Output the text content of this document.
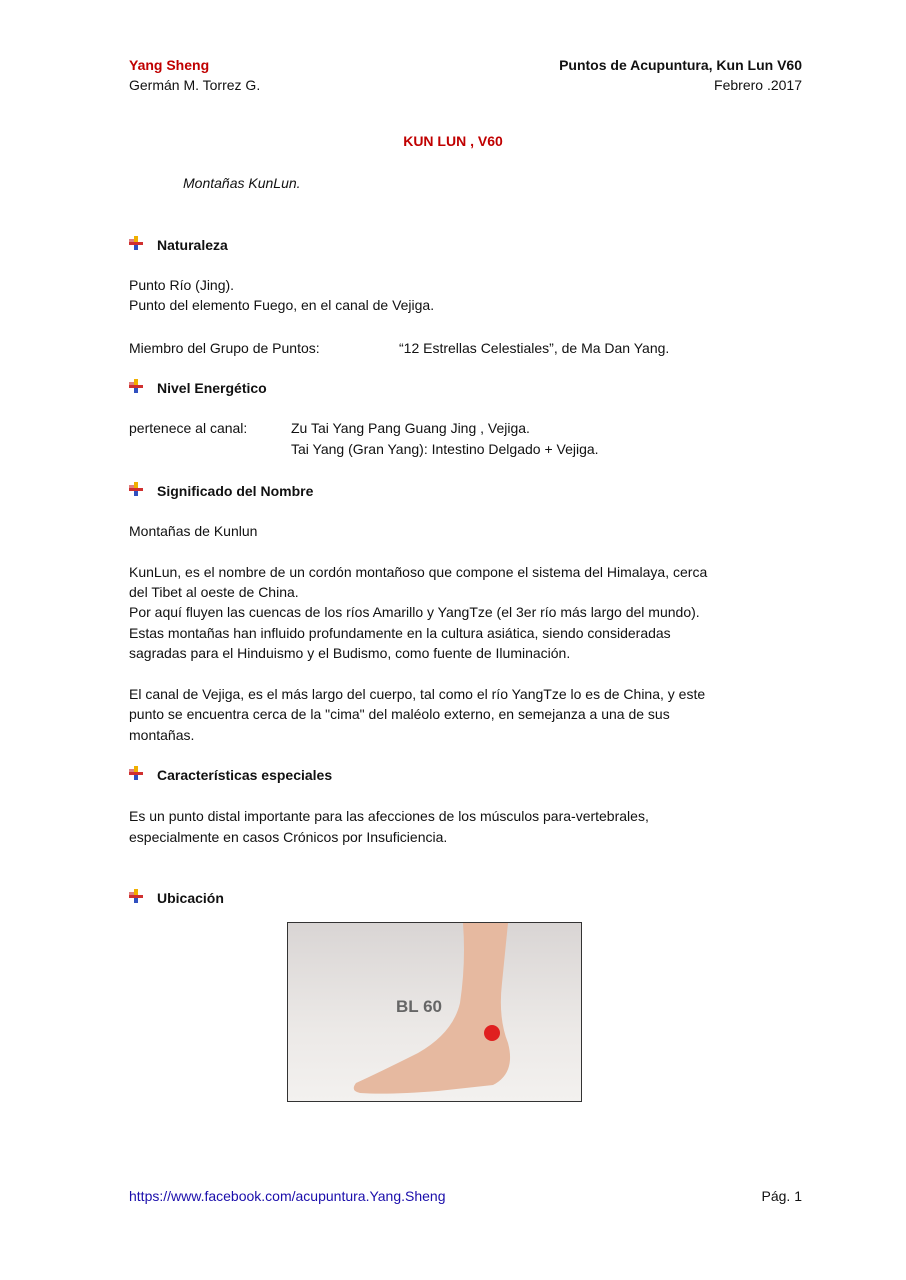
Yang Sheng
Germán M. Torrez G.
Puntos de Acupuntura, Kun Lun V60
Febrero .2017
KUN LUN , V60
Montañas KunLun.
Naturaleza
Punto Río (Jing).
Punto del elemento Fuego, en el canal de Vejiga.
Miembro del Grupo de Puntos:	“12 Estrellas Celestiales”, de Ma Dan Yang.
Nivel Energético
pertenece al canal:	Zu Tai Yang Pang Guang Jing , Vejiga.
Tai Yang (Gran Yang): Intestino Delgado + Vejiga.
Significado del Nombre
Montañas de Kunlun
KunLun, es el nombre de un cordón montañoso que compone el sistema del Himalaya, cerca
del Tibet al oeste de China.
Por aquí fluyen las cuencas de los ríos Amarillo y YangTze (el 3er río más largo del mundo).
Estas montañas han influido profundamente en la cultura asiática, siendo consideradas
sagradas para el Hinduismo y el Budismo, como fuente de Iluminación.
El canal de Vejiga, es el más largo del cuerpo, tal como el río YangTze lo es de China, y este
punto se encuentra cerca de la "cima" del maléolo externo, en semejanza a una de sus
montañas.
Características especiales
Es un punto distal importante para las afecciones de los músculos para-vertebrales,
especialmente en casos Crónicos por Insuficiencia.
Ubicación
BL 60
https://www.facebook.com/acupuntura.Yang.Sheng	Pág. 1
